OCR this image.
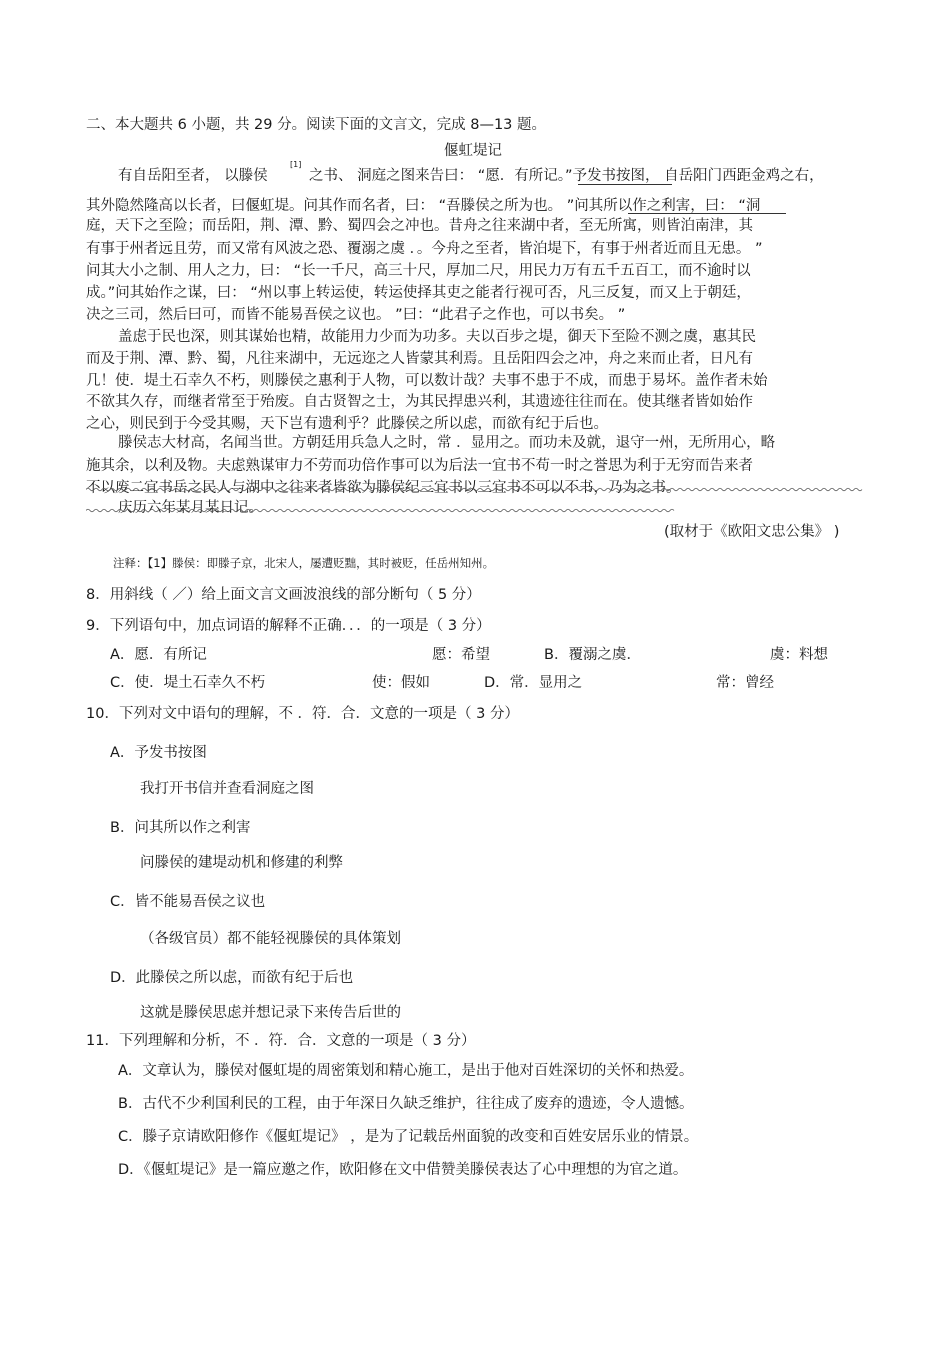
二、本大题共 6 小题，共 29 分。阅读下面的文言文，完成 8—13 题。
偃虹堤记
有自岳阳至者， 以滕侯
[1]
之书、 洞庭之图来告曰： “愿．有所记。”予发书按图， 自岳阳门西距金鸡之右，
其外隐然隆高以长者，曰偃虹堤。问其作而名者，曰： “吾滕侯之所为也。 ”问其所以作之利害，曰： “洞
庭，天下之至险；而岳阳，荆、潭、黔、蜀四会之冲也。昔舟之往来湖中者，至无所寓，则皆泊南津，其
有事于州者远且劳，而又常有风波之恐、覆溺之虞 ．。今舟之至者，皆泊堤下，有事于州者近而且无患。 ”
问其大小之制、用人之力，曰： “长一千尺，高三十尺，厚加二尺，用民力万有五千五百工，而不逾时以
成。”问其始作之谋，曰： “州以事上转运使，转运使择其吏之能者行视可否，凡三反复，而又上于朝廷，
决之三司，然后曰可，而皆不能易吾侯之议也。 ”曰：“此君子之作也，可以书矣。 ”
盖虑于民也深，则其谋始也精，故能用力少而为功多。夫以百步之堤，御天下至险不测之虞，惠其民
而及于荆、潭、黔、蜀，凡往来湖中，无远迩之人皆蒙其利焉。且岳阳四会之冲，舟之来而止者，日凡有
几！使．堤土石幸久不朽，则滕侯之惠利于人物，可以数计哉？夫事不患于不成，而患于易坏。盖作者未始
不欲其久存，而继者常至于殆废。自古贤智之士，为其民捍患兴利，其遗迹往往而在。使其继者皆如始作
之心，则民到于今受其赐，天下岂有遗利乎？此滕侯之所以虑，而欲有纪于后也。
滕侯志大材高，名闻当世。方朝廷用兵急人之时，常 ．显用之。而功未及就，退守一州，无所用心，略
施其余，以利及物。夫虑熟谋审力不劳而功倍作事可以为后法一宜书不苟一时之誉思为利于无穷而告来者
不以废二宜书岳之民人与湖中之往来者皆欲为滕侯纪三宜书以三宜书不可以不书，乃为之书。
庆历六年某月某日记。
(取材于《欧阳文忠公集》 )
注释：【1】滕侯：即滕子京，北宋人，屡遭贬黜，其时被贬，任岳州知州。
8．用斜线（ ／）给上面文言文画波浪线的部分断句（ 5 分）
9．下列语句中，加点词语的解释不正确．．．的一项是（ 3 分）
A．愿．有所记	愿：希望	B．覆溺之虞．	虞：料想
C．使．堤土石幸久不朽	使：假如	D．常．显用之	常：曾经
10．下列对文中语句的理解，不 ．符．合．文意的一项是（ 3 分）
A．予发书按图
我打开书信并查看洞庭之图
B．问其所以作之利害
问滕侯的建堤动机和修建的利弊
C．皆不能易吾侯之议也
（各级官员）都不能轻视滕侯的具体策划
D．此滕侯之所以虑，而欲有纪于后也
这就是滕侯思虑并想记录下来传告后世的
11．下列理解和分析，不 ．符．合．文意的一项是（ 3 分）
A．文章认为，滕侯对偃虹堤的周密策划和精心施工，是出于他对百姓深切的关怀和热爱。
B．古代不少利国利民的工程，由于年深日久缺乏维护，往往成了废弃的遗迹，令人遗憾。
C．滕子京请欧阳修作《偃虹堤记》 ，是为了记载岳州面貌的改变和百姓安居乐业的情景。
D．《偃虹堤记》是一篇应邀之作，欧阳修在文中借赞美滕侯表达了心中理想的为官之道。
